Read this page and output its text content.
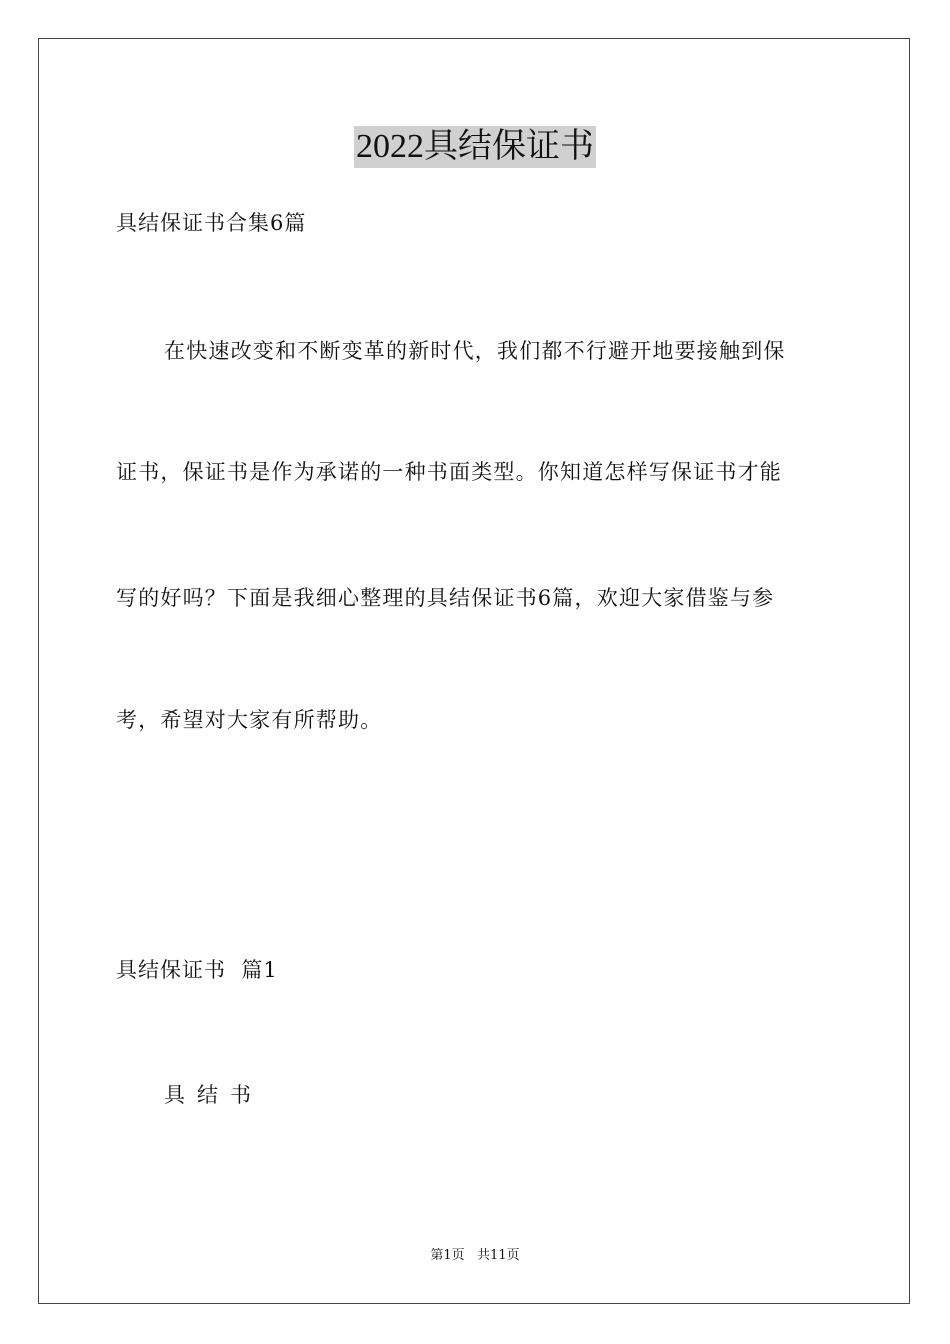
2022具结保证书
具结保证书合集6篇
在快速改变和不断变革的新时代，我们都不行避开地要接触到保
证书，保证书是作为承诺的一种书面类型。你知道怎样写保证书才能
写的好吗？下面是我细心整理的具结保证书6篇，欢迎大家借鉴与参
考，希望对大家有所帮助。
具结保证书  篇1
具结书
第1页   共11页
